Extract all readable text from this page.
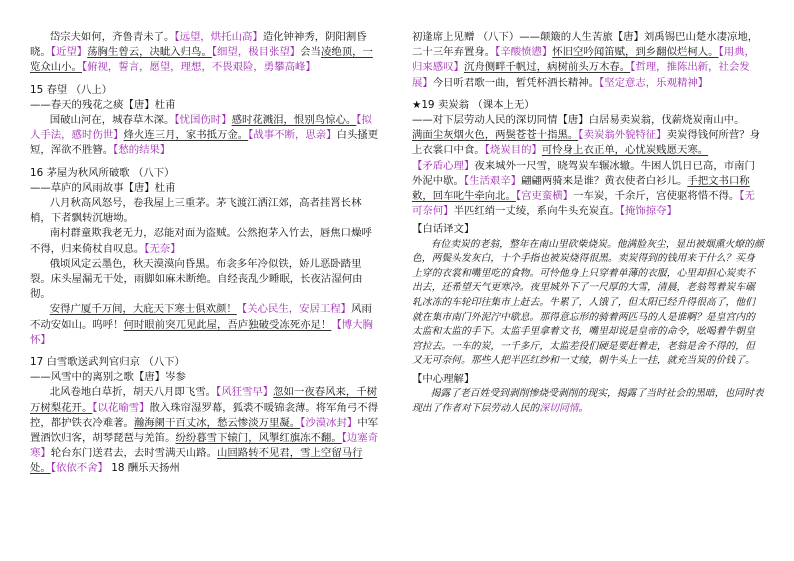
岱宗夫如何，齐鲁青未了。【远望，烘托山高】造化钟神秀，阴阳割昏晓。【近望】荡胸生曾云，决眦入归鸟。【细望，极目张望】会当凌绝顶，一览众山小。【俯视，誓言，愿望，理想，不畏艰险，勇攀高峰】

15 春望 （八上）

——春天的残花之痰【唐】杜甫

国破山河在，城春草木深。【忧国伤时】感时花溅泪，恨别鸟惊心。【拟人手法，感时伤世】烽火连三月，家书抵万金。【战事不断，思亲】白头搔更短，浑欲不胜簪。【愁的结果】

16 茅屋为秋风所破歌 （八下）

——草庐的风雨故事【唐】杜甫

八月秋高风怒号，卷我屋上三重茅。茅飞渡江洒江郊，高者挂罥长林梢，下者飘转沉塘坳。

南村群童欺我老无力，忍能对面为盗贼。公然抱茅入竹去，唇焦口燥呼不得，归来倚杖自叹息。【无奈】

俄顷风定云墨色，秋天漠漠向昏黑。布衾多年冷似铁，娇儿恶卧踏里裂。床头屋漏无干处，雨脚如麻未断绝。自经丧乱少睡眠，长夜沾湿何由彻。

安得广厦千万间，大庇天下寒士俱欢颜！【关心民生，安居工程】风雨不动安如山。呜呼！何时眼前突兀见此屋，吾庐独破受冻死亦足！【博大胸怀】

17 白雪歌送武判官归京 （八下）

——风雪中的离别之歌【唐】岑参

北风卷地白草折，胡天八月即飞雪。【风狂雪早】忽如一夜春风来，千树万树梨花开。【以花喻雪】散入珠帘湿罗幕，狐裘不暖锦衾薄。将军角弓不得控，都护铁衣冷难著。瀚海阑干百丈冰，愁云惨淡万里凝。【沙漠冰封】中军置酒饮归客，胡琴琵琶与羌笛。纷纷暮雪下辕门，风掣红旗冻不翻。【边塞奇寒】轮台东门送君去，去时雪满天山路。山回路转不见君，雪上空留马行处。【依依不舍】 18 酬乐天扬州

初逢席上见赠 （八下）——颠簸的人生苦旅【唐】刘禹锡巴山楚水凄凉地，二十三年弃置身。【辛酸愤懑】怀旧空吟闻笛赋，到乡翻似烂柯人。【用典，归来感叹】沉舟侧畔千帆过，病树前头万木春。【哲理，推陈出新，社会发展】今日听君歌一曲，暂凭杯酒长精神。【坚定意志，乐观精神】

★19 卖炭翁 （课本上无）

——对下层劳动人民的深切同情【唐】白居易卖炭翁，伐薪烧炭南山中。

满面尘灰烟火色，两鬓苍苍十指黑。【卖炭翁外貌特征】卖炭得钱何所营？身上衣裳口中食。【烧炭目的】可怜身上衣正单，心忧炭贱愿天寒。【矛盾心理】夜来城外一尺雪，晓驾炭车辗冰辙。牛困人饥日已高，市南门外泥中歇。【生活艰辛】翩翩两骑来是谁？黄衣使者白衫儿。手把文书口称敕，回车叱牛牵向北。【宫吏蛮横】一车炭，千余斤，宫使驱将惜不得。【无可奈何】半匹红绡一丈绫，系向牛头充炭直。【掩饰掠夺】

【白话译文】

有位卖炭的老翁，整年在南山里砍柴烧炭。他满脸灰尘，显出被烟熏火燎的颜色，两鬓头发灰白，十个手指也被炭烧得很黑。卖炭得到的钱用来干什么？买身上穿的衣裳和嘴里吃的食物。可怜他身上只穿着单薄的衣服，心里却担心炭卖不出去，还希望天气更寒冷。夜里城外下了一尺厚的大雪，清晨，老翁驾着炭车碾轧冰冻的车轮印往集市上赶去。牛累了，人饿了，但太阳已经升得很高了，他们就在集市南门外泥泞中歇息。那得意忘形的骑着两匹马的人是谁啊？是皇宫内的太监和太监的手下。太监手里拿着文书，嘴里却说是皇帝的命令，吆喝着牛朝皇宫拉去。一车的炭，一千多斤，太监差役们硬是要赶着走，老翁是舍不得的，但又无可奈何。那些人把半匹红纱和一丈绫，朝牛头上一挂，就充当炭的价钱了。

【中心理解】

揭露了老百姓受到剥削惨烧受剥削的现实，揭露了当时社会的黑暗，也同时表现出了作者对下层劳动人民的深切同情。
